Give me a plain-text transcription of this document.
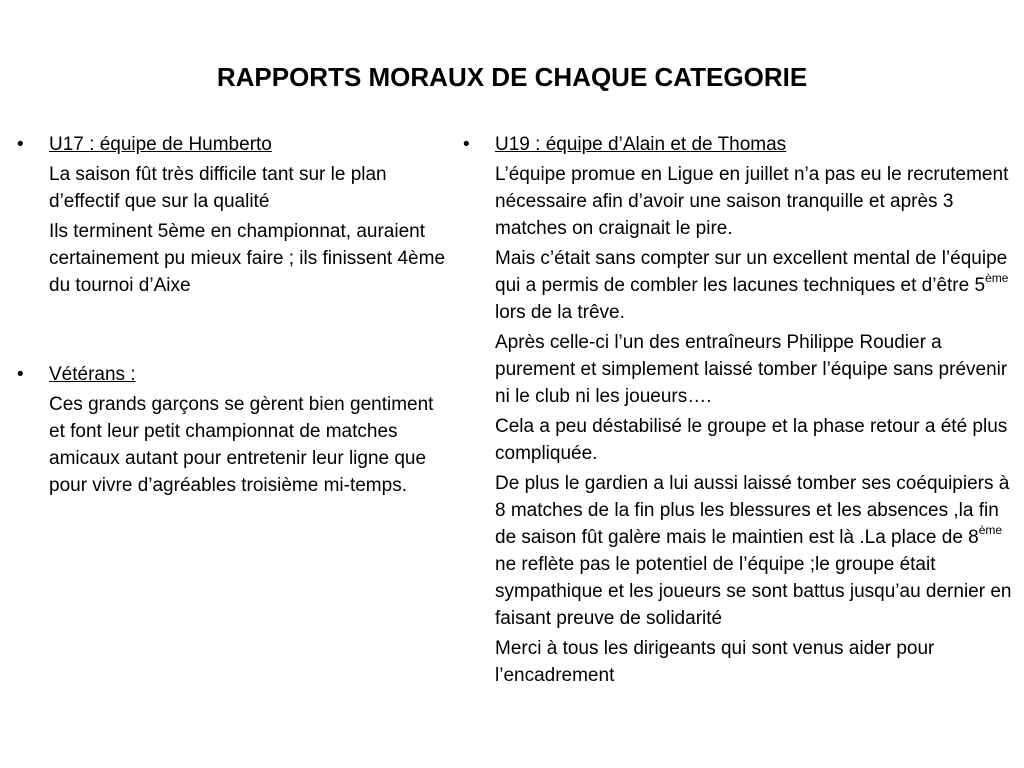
RAPPORTS MORAUX DE CHAQUE CATEGORIE
• U17 : équipe de Humberto

La saison fût très difficile tant sur le plan d’effectif que sur la qualité

Ils terminent 5ème en championnat, auraient certainement pu mieux faire ; ils finissent 4ème du tournoi d’Aixe

• Vétérans :

Ces grands garçons se gèrent bien gentiment et font leur petit championnat de matches amicaux autant pour entretenir leur ligne que pour vivre d’agréables troisième mi-temps.

• U19 : équipe d’Alain et de Thomas

L’équipe promue en Ligue en juillet n’a pas eu le recrutement nécessaire afin d’avoir une saison tranquille et après 3 matches on craignait le pire.

Mais c’était sans compter sur un excellent mental de l’équipe qui a permis de combler les lacunes techniques et d’être 5ème lors de la trêve.

Après celle-ci l’un des entraîneurs Philippe Roudier a purement et simplement laissé tomber l’équipe sans prévenir ni le club ni les joueurs….

Cela a peu déstabilisé le groupe et la phase retour a été plus compliquée.

De plus le gardien a lui aussi laissé tomber ses coéquipiers à 8 matches de la fin plus les blessures et les absences ,la fin de saison fût galère mais le maintien est là .La place de 8ème ne reflète pas le potentiel de l’équipe ;le groupe était sympathique et les joueurs se sont battus jusqu’au dernier en faisant preuve de solidarité

Merci à tous les dirigeants qui sont venus aider pour l’encadrement
